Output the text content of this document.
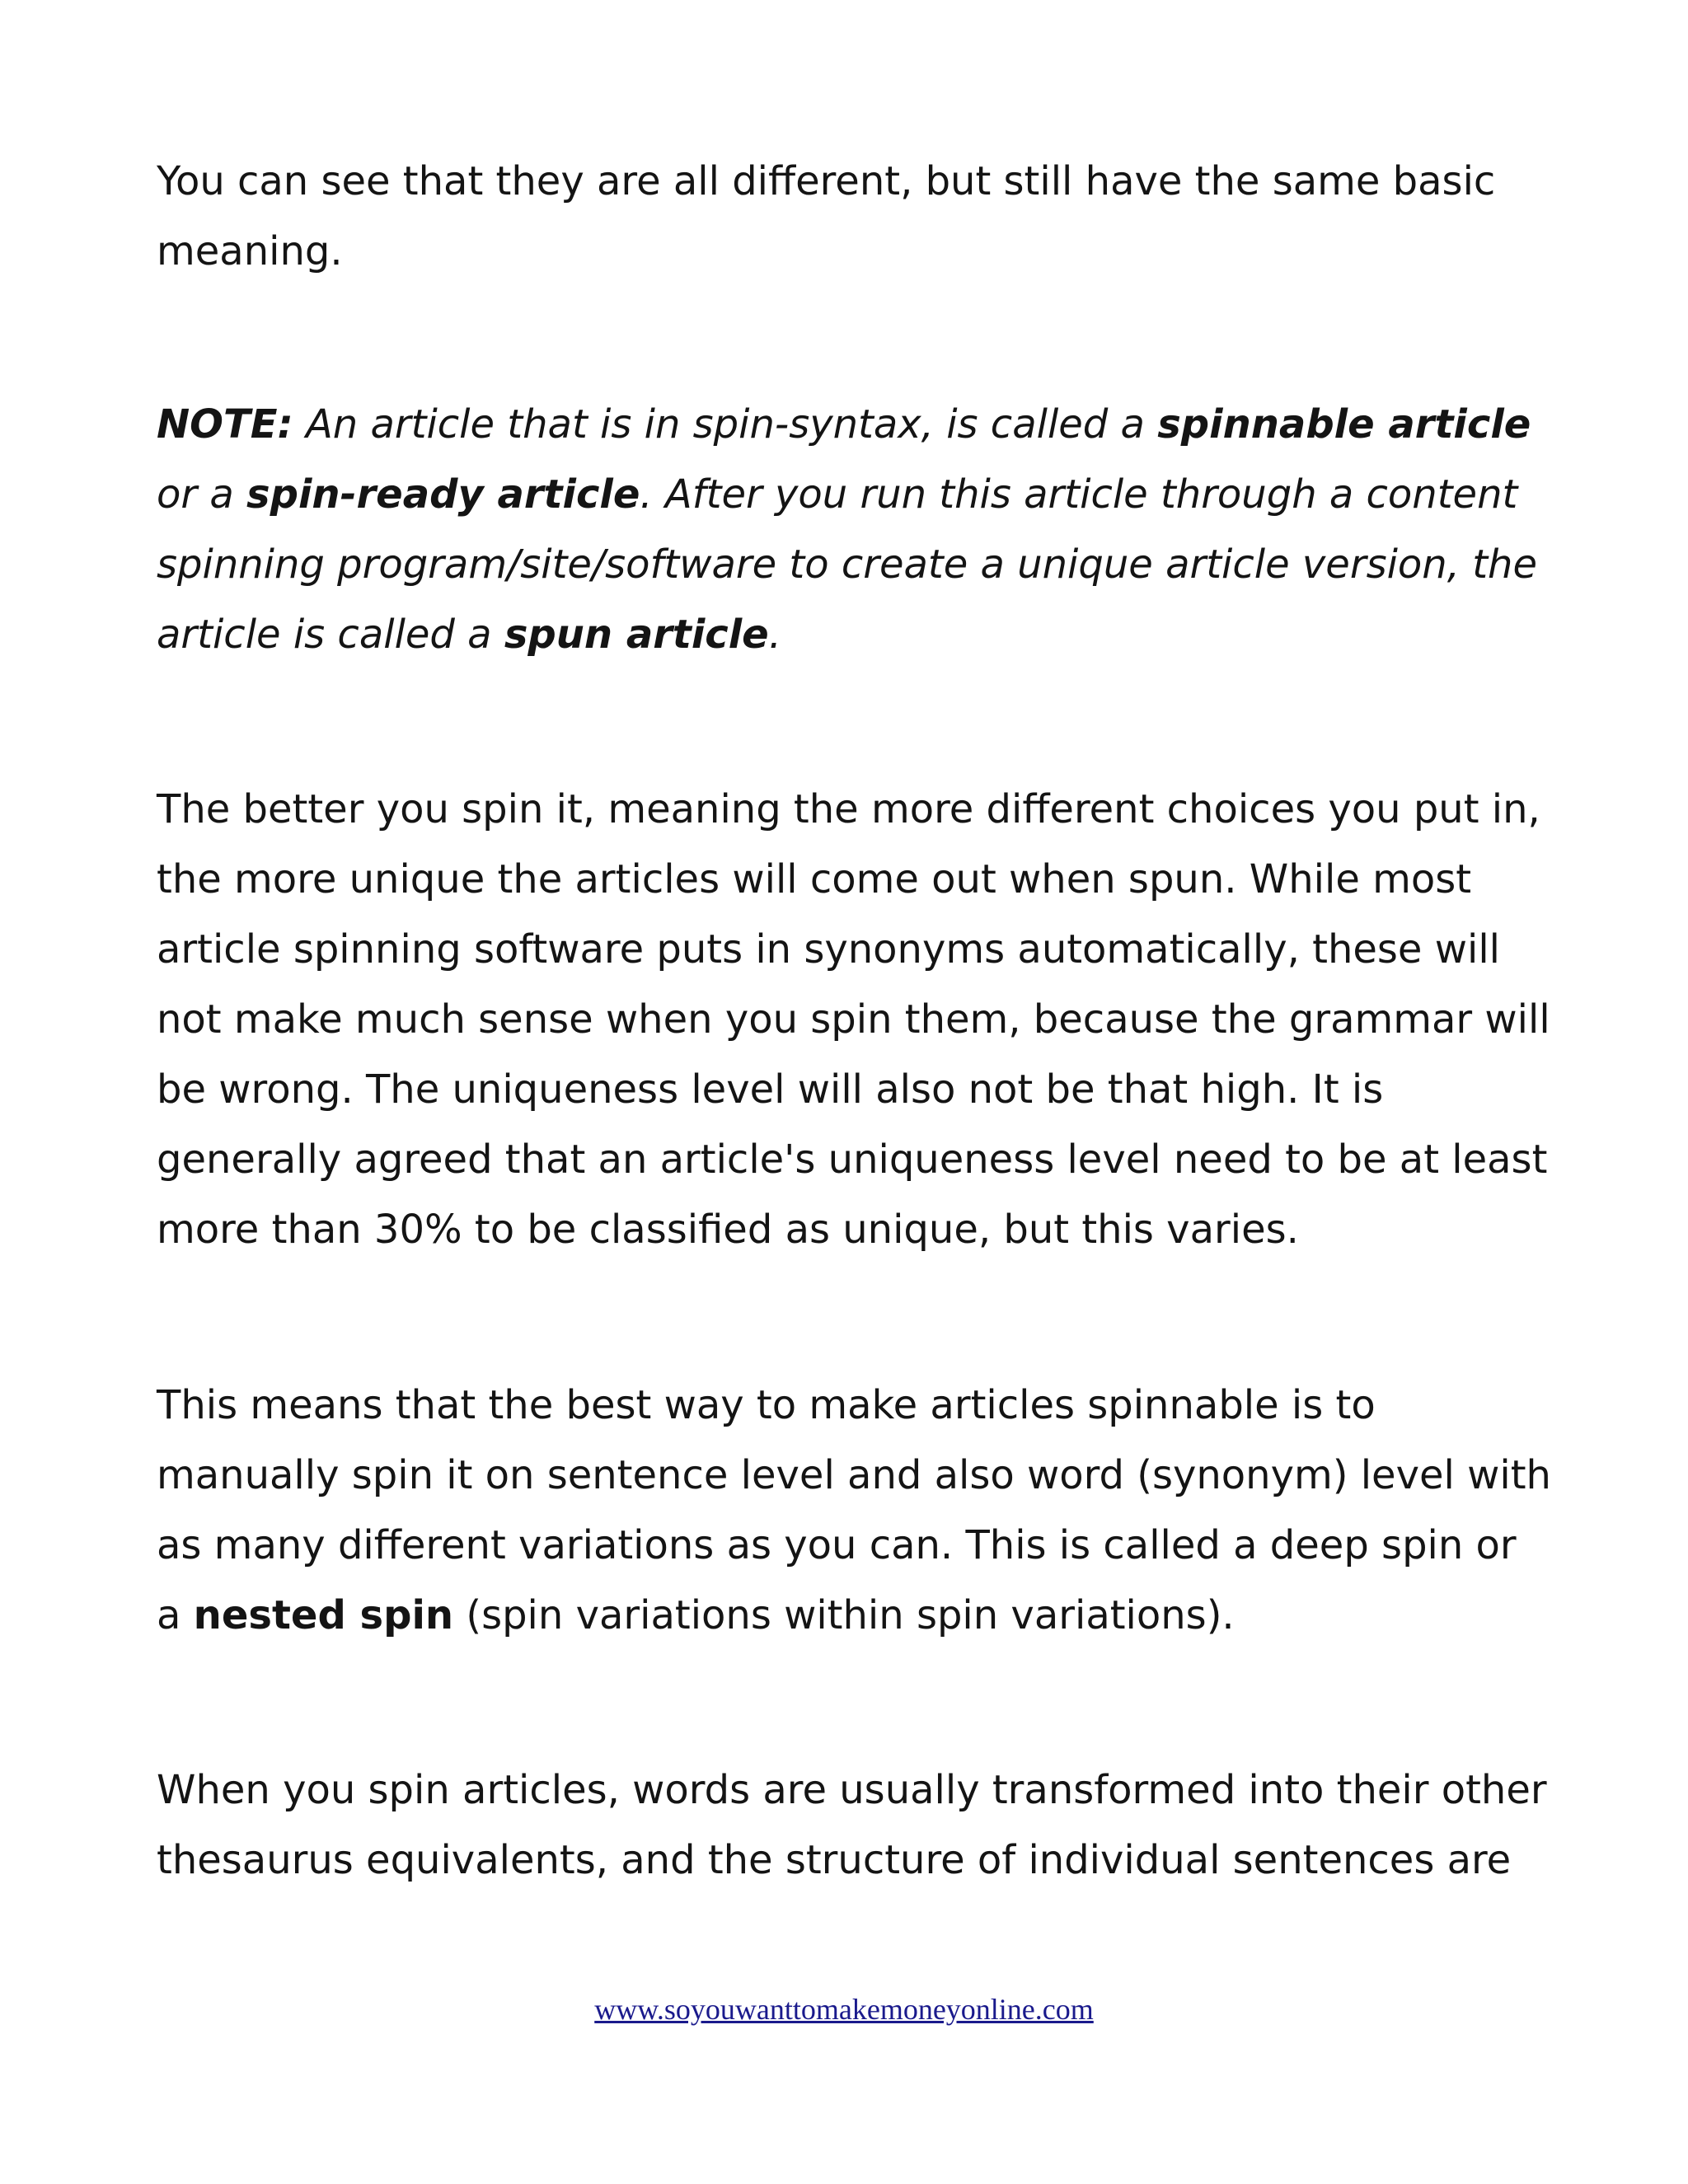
You can see that they are all different, but still have the same basic
meaning.

NOTE: An article that is in spin-syntax, is called a spinnable article
or a spin-ready article. After you run this article through a content
spinning program/site/software to create a unique article version, the
article is called a spun article.

The better you spin it, meaning the more different choices you put in,
the more unique the articles will come out when spun. While most
article spinning software puts in synonyms automatically, these will
not make much sense when you spin them, because the grammar will
be wrong. The uniqueness level will also not be that high. It is
generally agreed that an article's uniqueness level need to be at least
more than 30% to be classified as unique, but this varies.

This means that the best way to make articles spinnable is to
manually spin it on sentence level and also word (synonym) level with
as many different variations as you can. This is called a deep spin or
a nested spin (spin variations within spin variations).

When you spin articles, words are usually transformed into their other
thesaurus equivalents, and the structure of individual sentences are

www.soyouwanttomakemoneyonline.com
